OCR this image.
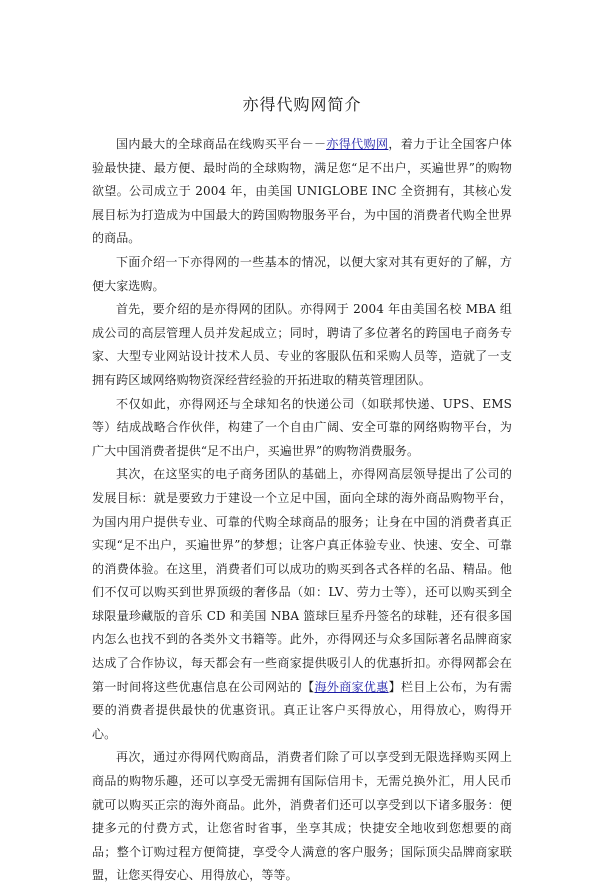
亦得代购网简介

国内最大的全球商品在线购买平台－－亦得代购网，着力于让全国客户体验最快捷、最方便、最时尚的全球购物，满足您“足不出户，买遍世界”的购物欲望。公司成立于 2004 年，由美国 UNIGLOBE INC 全资拥有，其核心发展目标为打造成为中国最大的跨国购物服务平台，为中国的消费者代购全世界的商品。

下面介绍一下亦得网的一些基本的情况，以便大家对其有更好的了解，方便大家选购。

首先，要介绍的是亦得网的团队。亦得网于 2004 年由美国名校 MBA 组成公司的高层管理人员并发起成立；同时，聘请了多位著名的跨国电子商务专家、大型专业网站设计技术人员、专业的客服队伍和采购人员等，造就了一支拥有跨区域网络购物资深经营经验的开拓进取的精英管理团队。

不仅如此，亦得网还与全球知名的快递公司（如联邦快递、UPS、EMS 等）结成战略合作伙伴，构建了一个自由广阔、安全可靠的网络购物平台，为广大中国消费者提供“足不出户，买遍世界”的购物消费服务。

其次，在这坚实的电子商务团队的基础上，亦得网高层领导提出了公司的发展目标：就是要致力于建设一个立足中国，面向全球的海外商品购物平台，为国内用户提供专业、可靠的代购全球商品的服务；让身在中国的消费者真正实现“足不出户，买遍世界”的梦想；让客户真正体验专业、快速、安全、可靠的消费体验。在这里，消费者们可以成功的购买到各式各样的名品、精品。他们不仅可以购买到世界顶级的奢侈品（如：LV、劳力士等），还可以购买到全球限量珍藏版的音乐 CD 和美国 NBA 篮球巨星乔丹签名的球鞋，还有很多国内怎么也找不到的各类外文书籍等。此外，亦得网还与众多国际著名品牌商家达成了合作协议，每天都会有一些商家提供吸引人的优惠折扣。亦得网都会在第一时间将这些优惠信息在公司网站的【海外商家优惠】栏目上公布，为有需要的消费者提供最快的优惠资讯。真正让客户买得放心，用得放心，购得开心。

再次，通过亦得网代购商品，消费者们除了可以享受到无限选择购买网上商品的购物乐趣，还可以享受无需拥有国际信用卡，无需兑换外汇，用人民币就可以购买正宗的海外商品。此外，消费者们还可以享受到以下诸多服务：便捷多元的付费方式，让您省时省事，坐享其成；快捷安全地收到您想要的商品；整个订购过程方便简捷，享受令人满意的客户服务；国际顶尖品牌商家联盟，让您买得安心、用得放心，等等。
